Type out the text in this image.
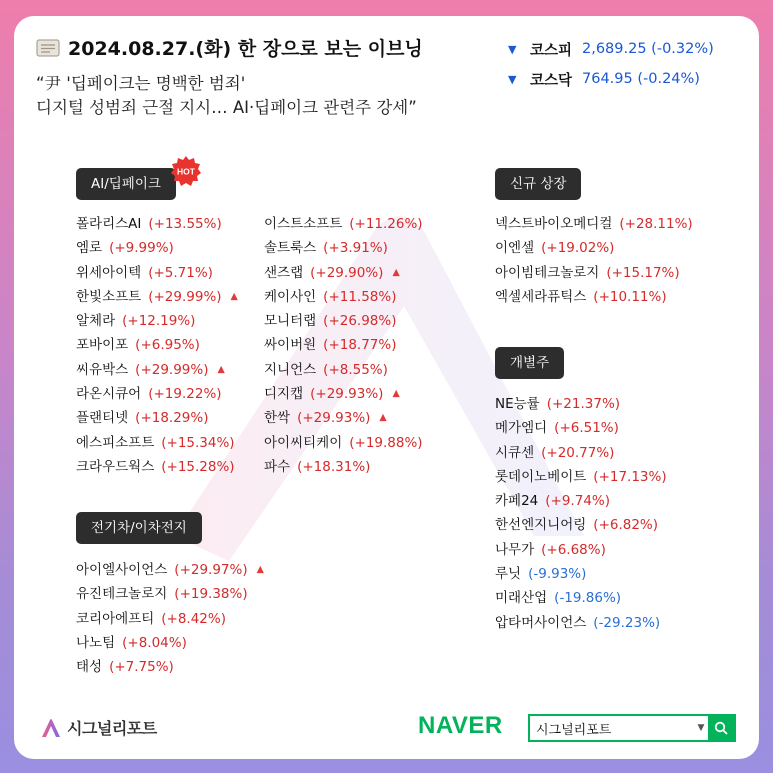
2024.08.27.(화) 한 장으로 보는 이브닝
“尹 '딥페이크는 명백한 범죄'
디지털 성범죄 근절 지시… AI·딥페이크 관련주 강세”
▼ 코스피 2,689.25 (-0.32%)
▼ 코스닥 764.95 (-0.24%)
AI/딥페이크
HOT
폴라리스AI (+13.55%)
엠로 (+9.99%)
위세아이텍 (+5.71%)
한빛소프트 (+29.99%) ▲
알체라 (+12.19%)
포바이포 (+6.95%)
씨유박스 (+29.99%) ▲
라온시큐어 (+19.22%)
플랜티넷 (+18.29%)
에스피소프트 (+15.34%)
크라우드웍스 (+15.28%)
이스트소프트 (+11.26%)
솔트룩스 (+3.91%)
샌즈랩 (+29.90%) ▲
케이사인 (+11.58%)
모니터랩 (+26.98%)
싸이버원 (+18.77%)
지니언스 (+8.55%)
디지캡 (+29.93%) ▲
한싹 (+29.93%) ▲
아이씨티케이 (+19.88%)
파수 (+18.31%)
전기차/이차전지
아이엘사이언스 (+29.97%) ▲
유진테크놀로지 (+19.38%)
코리아에프티 (+8.42%)
나노팀 (+8.04%)
태성 (+7.75%)
신규 상장
넥스트바이오메디컬 (+28.11%)
이엔셀 (+19.02%)
아이빔테크놀로지 (+15.17%)
엑셀세라퓨틱스 (+10.11%)
개별주
NE능률 (+21.37%)
메가엠디 (+6.51%)
시큐센 (+20.77%)
롯데이노베이트 (+17.13%)
카페24 (+9.74%)
한선엔지니어링 (+6.82%)
나무가 (+6.68%)
루닛 (-9.93%)
미래산업 (-19.86%)
압타머사이언스 (-29.23%)
시그널리포트	NAVER
시그널리포트	▼
